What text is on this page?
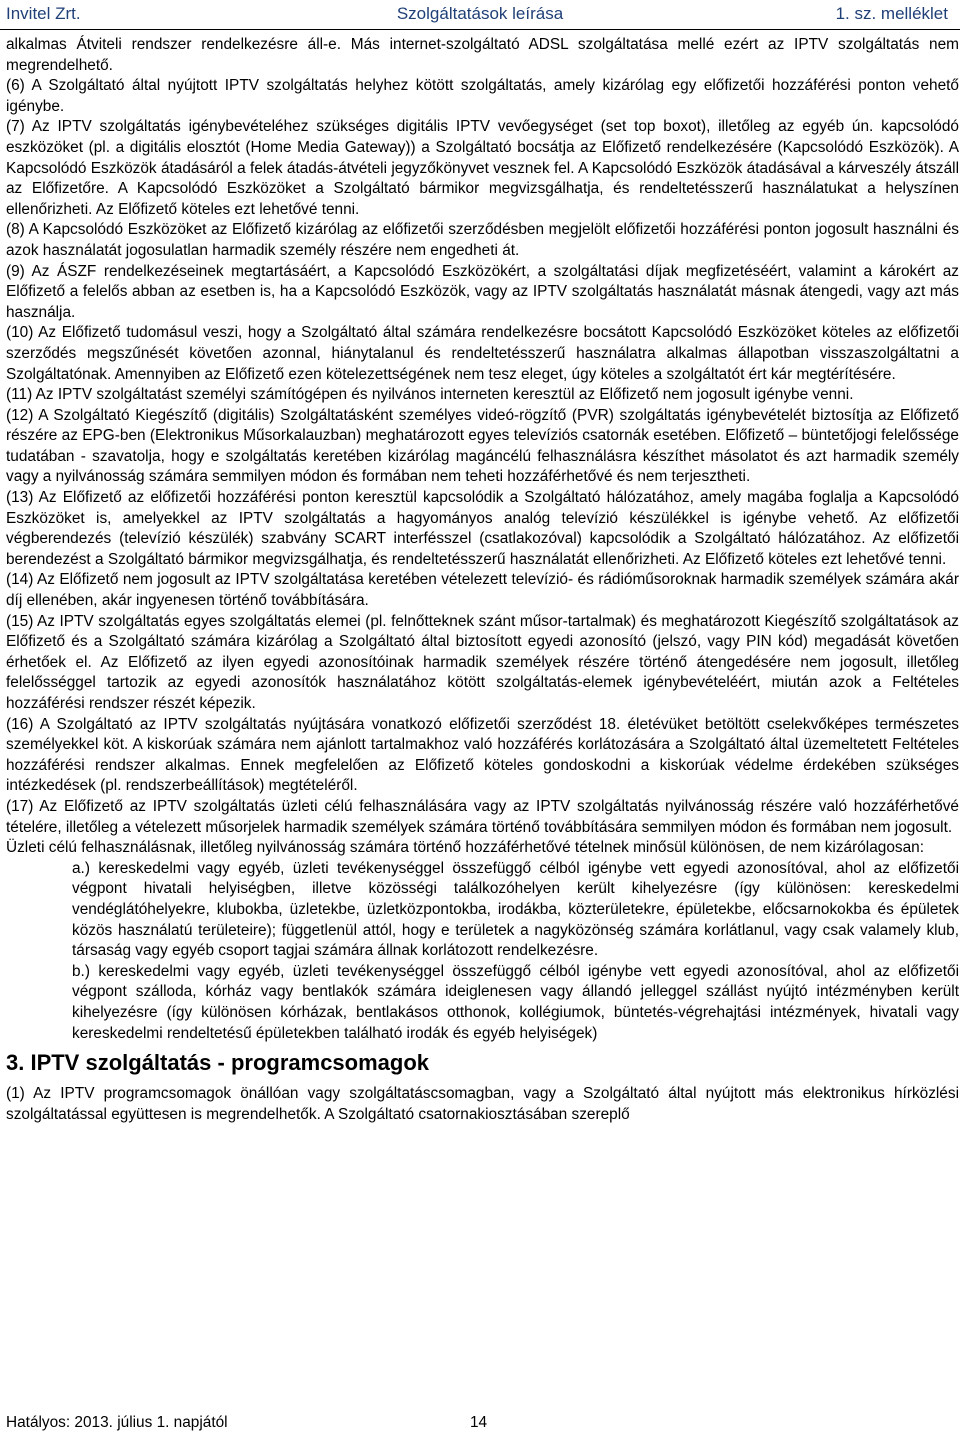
Invitel Zrt.	Szolgáltatások leírása	1. sz. melléklet

alkalmas Átviteli rendszer rendelkezésre áll-e. Más internet-szolgáltató ADSL szolgáltatása mellé ezért az IPTV szolgáltatás nem megrendelhető.

(6) A Szolgáltató által nyújtott IPTV szolgáltatás helyhez kötött szolgáltatás, amely kizárólag egy előfizetői hozzáférési ponton vehető igénybe.

(7) Az IPTV szolgáltatás igénybevételéhez szükséges digitális IPTV vevőegységet (set top boxot), illetőleg az egyéb ún. kapcsolódó eszközöket (pl. a digitális elosztót (Home Media Gateway)) a Szolgáltató bocsátja az Előfizető rendelkezésére (Kapcsolódó Eszközök). A Kapcsolódó Eszközök átadásáról a felek átadás-átvételi jegyzőkönyvet vesznek fel. A Kapcsolódó Eszközök átadásával a kárveszély átszáll az Előfizetőre. A Kapcsolódó Eszközöket a Szolgáltató bármikor megvizsgálhatja, és rendeltetésszerű használatukat a helyszínen ellenőrizheti. Az Előfizető köteles ezt lehetővé tenni.

(8) A Kapcsolódó Eszközöket az Előfizető kizárólag az előfizetői szerződésben megjelölt előfizetői hozzáférési ponton jogosult használni és azok használatát jogosulatlan harmadik személy részére nem engedheti át.

(9) Az ÁSZF rendelkezéseinek megtartásáért, a Kapcsolódó Eszközökért, a szolgáltatási díjak megfizetéséért, valamint a károkért az Előfizető a felelős abban az esetben is, ha a Kapcsolódó Eszközök, vagy az IPTV szolgáltatás használatát másnak átengedi, vagy azt más használja.

(10) Az Előfizető tudomásul veszi, hogy a Szolgáltató által számára rendelkezésre bocsátott Kapcsolódó Eszközöket köteles az előfizetői szerződés megszűnését követően azonnal, hiánytalanul és rendeltetésszerű használatra alkalmas állapotban visszaszolgáltatni a Szolgáltatónak. Amennyiben az Előfizető ezen kötelezettségének nem tesz eleget, úgy köteles a szolgáltatót ért kár megtérítésére.

(11) Az IPTV szolgáltatást személyi számítógépen és nyilvános interneten keresztül az Előfizető nem jogosult igénybe venni.

(12) A Szolgáltató Kiegészítő (digitális) Szolgáltatásként személyes videó-rögzítő (PVR) szolgáltatás igénybevételét biztosítja az Előfizető részére az EPG-ben (Elektronikus Műsorkalauzban) meghatározott egyes televíziós csatornák esetében. Előfizető – büntetőjogi felelőssége tudatában - szavatolja, hogy e szolgáltatás keretében kizárólag magáncélú felhasználásra készíthet másolatot és azt harmadik személy vagy a nyilvánosság számára semmilyen módon és formában nem teheti hozzáférhetővé és nem terjesztheti.

(13) Az Előfizető az előfizetői hozzáférési ponton keresztül kapcsolódik a Szolgáltató hálózatához, amely magába foglalja a Kapcsolódó Eszközöket is, amelyekkel az IPTV szolgáltatás a hagyományos analóg televízió készülékkel is igénybe vehető. Az előfizetői végberendezés (televízió készülék) szabvány SCART interfésszel (csatlakozóval) kapcsolódik a Szolgáltató hálózatához. Az előfizetői berendezést a Szolgáltató bármikor megvizsgálhatja, és rendeltetésszerű használatát ellenőrizheti. Az Előfizető köteles ezt lehetővé tenni.

(14) Az Előfizető nem jogosult az IPTV szolgáltatása keretében vételezett televízió- és rádióműsoroknak harmadik személyek számára akár díj ellenében, akár ingyenesen történő továbbítására.

(15) Az IPTV szolgáltatás egyes szolgáltatás elemei (pl. felnőtteknek szánt műsor-tartalmak) és meghatározott Kiegészítő szolgáltatások az Előfizető és a Szolgáltató számára kizárólag a Szolgáltató által biztosított egyedi azonosító (jelszó, vagy PIN kód) megadását követően érhetőek el. Az Előfizető az ilyen egyedi azonosítóinak harmadik személyek részére történő átengedésére nem jogosult, illetőleg felelősséggel tartozik az egyedi azonosítók használatához kötött szolgáltatás-elemek igénybevételéért, miután azok a Feltételes hozzáférési rendszer részét képezik.

(16) A Szolgáltató az IPTV szolgáltatás nyújtására vonatkozó előfizetői szerződést 18. életévüket betöltött cselekvőképes természetes személyekkel köt. A kiskorúak számára nem ajánlott tartalmakhoz való hozzáférés korlátozására a Szolgáltató által üzemeltetett Feltételes hozzáférési rendszer alkalmas. Ennek megfelelően az Előfizető köteles gondoskodni a kiskorúak védelme érdekében szükséges intézkedések (pl. rendszerbeállítások) megtételéről.

(17) Az Előfizető az IPTV szolgáltatás üzleti célú felhasználására vagy az IPTV szolgáltatás nyilvánosság részére való hozzáférhetővé tételére, illetőleg a vételezett műsorjelek harmadik személyek számára történő továbbítására semmilyen módon és formában nem jogosult.

Üzleti célú felhasználásnak, illetőleg nyilvánosság számára történő hozzáférhetővé tételnek minősül különösen, de nem kizárólagosan:

a.) kereskedelmi vagy egyéb, üzleti tevékenységgel összefüggő célból igénybe vett egyedi azonosítóval, ahol az előfizetői végpont hivatali helyiségben, illetve közösségi találkozóhelyen került kihelyezésre (így különösen: kereskedelmi vendéglátóhelyekre, klubokba, üzletekbe, üzletközpontokba, irodákba, közterületekre, épületekbe, előcsarnokokba és épületek közös használatú területeire); függetlenül attól, hogy e területek a nagyközönség számára korlátlanul, vagy csak valamely klub, társaság vagy egyéb csoport tagjai számára állnak korlátozott rendelkezésre.

b.) kereskedelmi vagy egyéb, üzleti tevékenységgel összefüggő célból igénybe vett egyedi azonosítóval, ahol az előfizetői végpont szálloda, kórház vagy bentlakók számára ideiglenesen vagy állandó jelleggel szállást nyújtó intézményben került kihelyezésre (így különösen kórházak, bentlakásos otthonok, kollégiumok, büntetés-végrehajtási intézmények, hivatali vagy kereskedelmi rendeltetésű épületekben található irodák és egyéb helyiségek)

3. IPTV szolgáltatás - programcsomagok

(1) Az IPTV programcsomagok önállóan vagy szolgáltatáscsomagban, vagy a Szolgáltató által nyújtott más elektronikus hírközlési szolgáltatással együttesen is megrendelhetők. A Szolgáltató csatornakiosztásában szereplő

Hatályos: 2013. július 1. napjától	14
